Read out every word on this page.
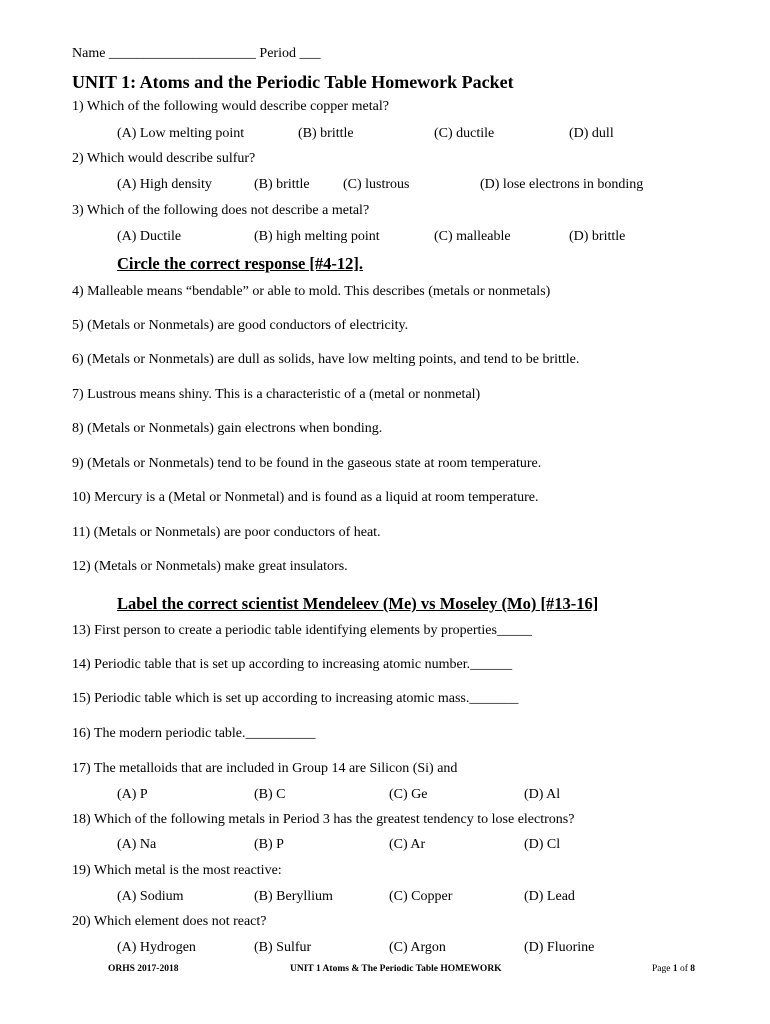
Name _____________________ Period ___
UNIT 1: Atoms and the Periodic Table Homework Packet
1) Which of the following would describe copper metal?
(A) Low melting point	(B) brittle	(C) ductile	(D) dull
2) Which would describe sulfur?
(A) High density	(B) brittle (C) lustrous	(D) lose electrons in bonding
3) Which of the following does not describe a metal?
(A) Ductile	(B) high melting point	(C) malleable	(D) brittle
Circle the correct response [#4-12].
4) Malleable means “bendable” or able to mold. This describes (metals or nonmetals)
5) (Metals or Nonmetals) are good conductors of electricity.
6) (Metals or Nonmetals) are dull as solids, have low melting points, and tend to be brittle.
7) Lustrous means shiny. This is a characteristic of a (metal or nonmetal)
8) (Metals or Nonmetals) gain electrons when bonding.
9) (Metals or Nonmetals) tend to be found in the gaseous state at room temperature.
10) Mercury is a (Metal or Nonmetal) and is found as a liquid at room temperature.
11) (Metals or Nonmetals) are poor conductors of heat.
12) (Metals or Nonmetals) make great insulators.
Label the correct scientist Mendeleev (Me) vs Moseley (Mo) [#13-16]
13) First person to create a periodic table identifying elements by properties_____
14) Periodic table that is set up according to increasing atomic number.______
15) Periodic table which is set up according to increasing atomic mass._______
16) The modern periodic table.__________
17) The metalloids that are included in Group 14 are Silicon (Si) and
(A) P	(B) C	(C) Ge	(D) Al
18) Which of the following metals in Period 3 has the greatest tendency to lose electrons?
(A) Na	(B) P	(C) Ar	(D) Cl
19) Which metal is the most reactive:
(A) Sodium	(B) Beryllium	(C) Copper	(D) Lead
20) Which element does not react?
(A) Hydrogen	(B) Sulfur	(C) Argon	(D) Fluorine
ORHS 2017-2018	UNIT 1 Atoms & The Periodic Table HOMEWORK	Page 1 of 8
